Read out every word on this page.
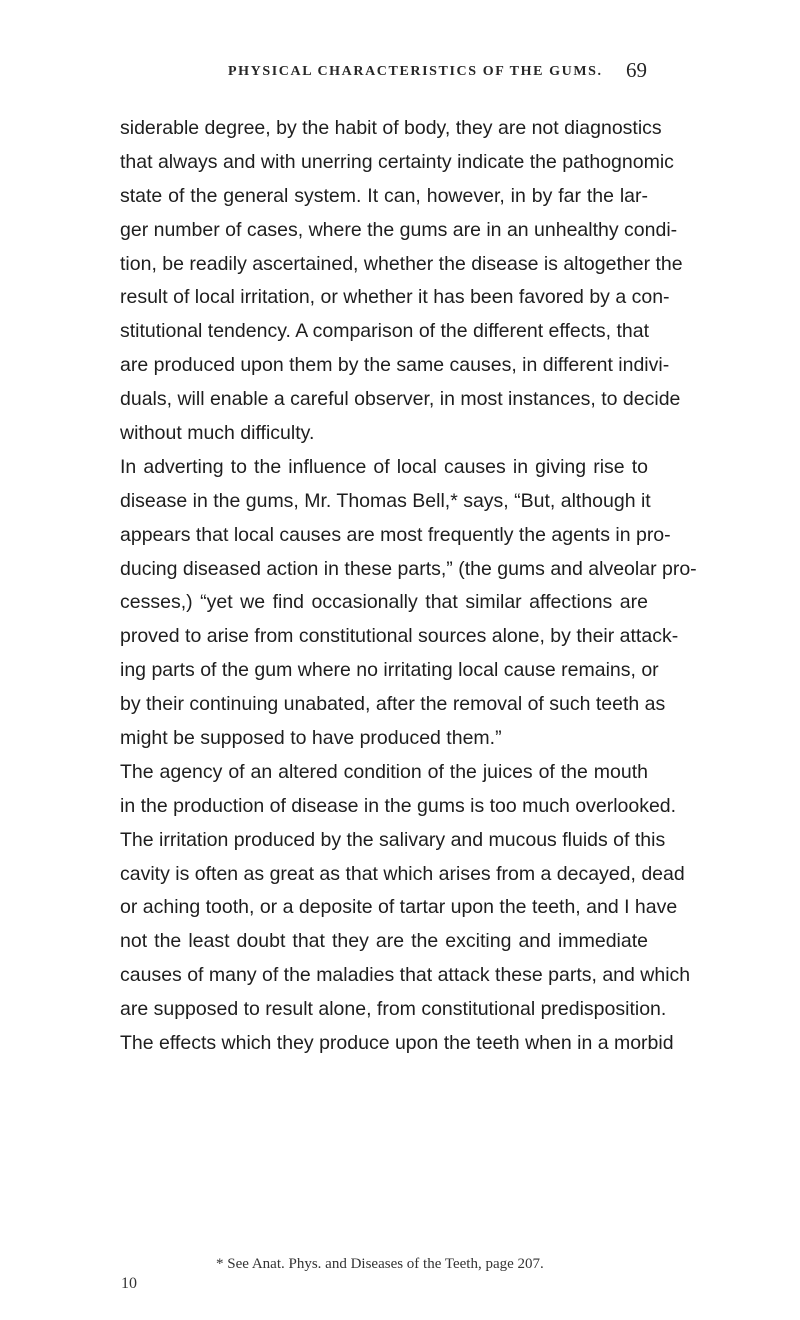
PHYSICAL CHARACTERISTICS OF THE GUMS. 69
siderable degree, by the habit of body, they are not diagnostics
that always and with unerring certainty indicate the pathognomic
state of the general system. It can, however, in by far the lar-
ger number of cases, where the gums are in an unhealthy condi-
tion, be readily ascertained, whether the disease is altogether the
result of local irritation, or whether it has been favored by a con-
stitutional tendency. A comparison of the different effects, that
are produced upon them by the same causes, in different indivi-
duals, will enable a careful observer, in most instances, to decide
without much difficulty.
In adverting to the influence of local causes in giving rise to
disease in the gums, Mr. Thomas Bell,* says, “But, although it
appears that local causes are most frequently the agents in pro-
ducing diseased action in these parts,” (the gums and alveolar pro-
cesses,) “yet we find occasionally that similar affections are
proved to arise from constitutional sources alone, by their attack-
ing parts of the gum where no irritating local cause remains, or
by their continuing unabated, after the removal of such teeth as
might be supposed to have produced them.”
The agency of an altered condition of the juices of the mouth
in the production of disease in the gums is too much overlooked.
The irritation produced by the salivary and mucous fluids of this
cavity is often as great as that which arises from a decayed, dead
or aching tooth, or a deposite of tartar upon the teeth, and I have
not the least doubt that they are the exciting and immediate
causes of many of the maladies that attack these parts, and which
are supposed to result alone, from constitutional predisposition.
The effects which they produce upon the teeth when in a morbid
* See Anat. Phys. and Diseases of the Teeth, page 207.
10
